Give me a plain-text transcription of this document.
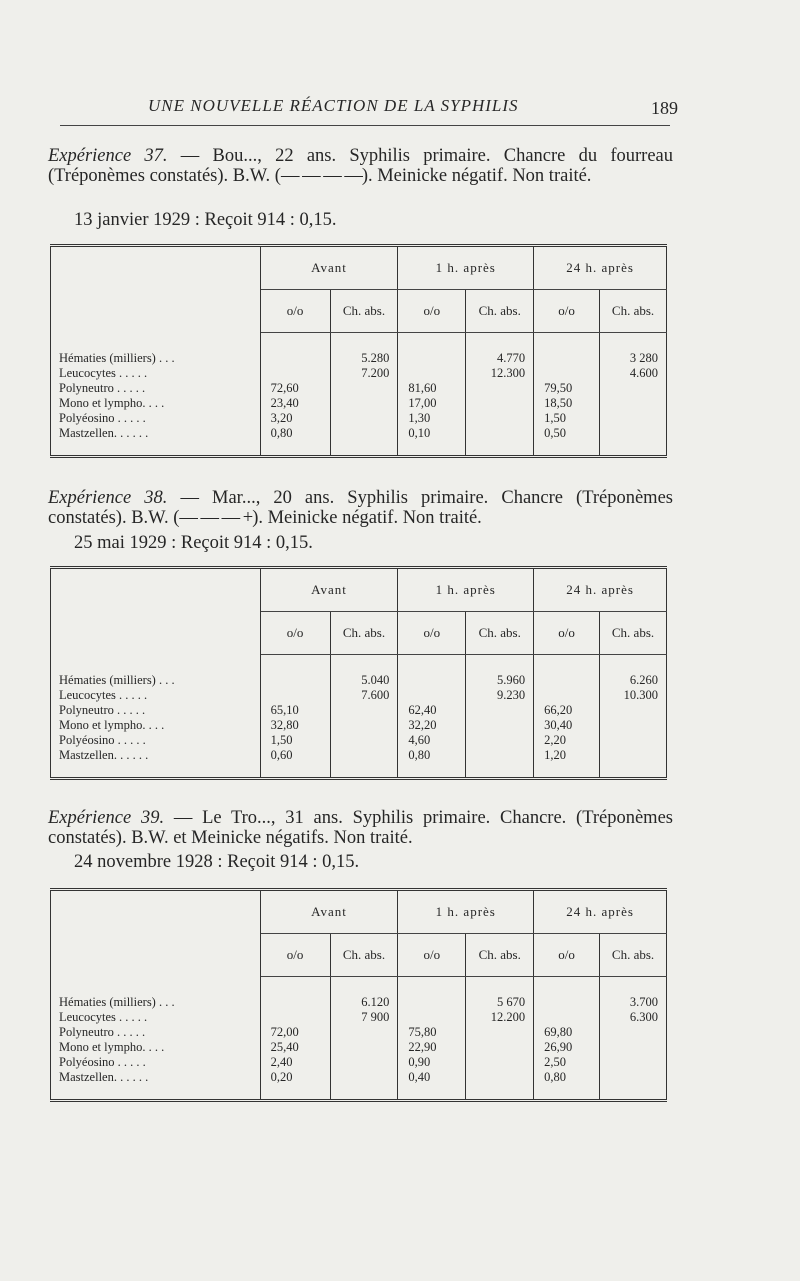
UNE NOUVELLE RÉACTION DE LA SYPHILIS	189

Expérience 37. — Bou..., 22 ans. Syphilis primaire. Chancre du fourreau (Tréponèmes constatés). B.W. (— — — —). Meinicke négatif. Non traité.

13 janvier 1929 : Reçoit 914 : 0,15.
	Avant		1 h. après		24 h. après	
	o/o	Ch. abs.	o/o	Ch. abs.	o/o	Ch. abs.

Hématies (milliers) . . .		5.280		4.770		3 280
Leucocytes . . . . .		7.200		12.300		4.600
Polyneutro . . . . .	72,60		81,60		79,50	
Mono et lympho. . . .	23,40		17,00		18,50	
Polyéosino . . . . .	3,20		1,30		1,50	
Mastzellen. . . . . .	0,80		0,10		0,50	

Expérience 38. — Mar..., 20 ans. Syphilis primaire. Chancre (Tréponèmes constatés). B.W. (— — — +). Meinicke négatif. Non traité.

25 mai 1929 : Reçoit 914 : 0,15.
	Avant		1 h. après		24 h. après	
	o/o	Ch. abs.	o/o	Ch. abs.	o/o	Ch. abs.

Hématies (milliers) . . .		5.040		5.960		6.260
Leucocytes . . . . .		7.600		9.230		10.300
Polyneutro . . . . .	65,10		62,40		66,20	
Mono et lympho. . . .	32,80		32,20		30,40	
Polyéosino . . . . .	1,50		4,60		2,20	
Mastzellen. . . . . .	0,60		0,80		1,20	

Expérience 39. — Le Tro..., 31 ans. Syphilis primaire. Chancre. (Tréponèmes constatés). B.W. et Meinicke négatifs. Non traité.

24 novembre 1928 : Reçoit 914 : 0,15.
	Avant		1 h. après		24 h. après	
	o/o	Ch. abs.	o/o	Ch. abs.	o/o	Ch. abs.

Hématies (milliers) . . .		6.120		5 670		3.700
Leucocytes . . . . .		7 900		12.200		6.300
Polyneutro . . . . .	72,00		75,80		69,80	
Mono et lympho. . . .	25,40		22,90		26,90	
Polyéosino . . . . .	2,40		0,90		2,50	
Mastzellen. . . . . .	0,20		0,40		0,80	
